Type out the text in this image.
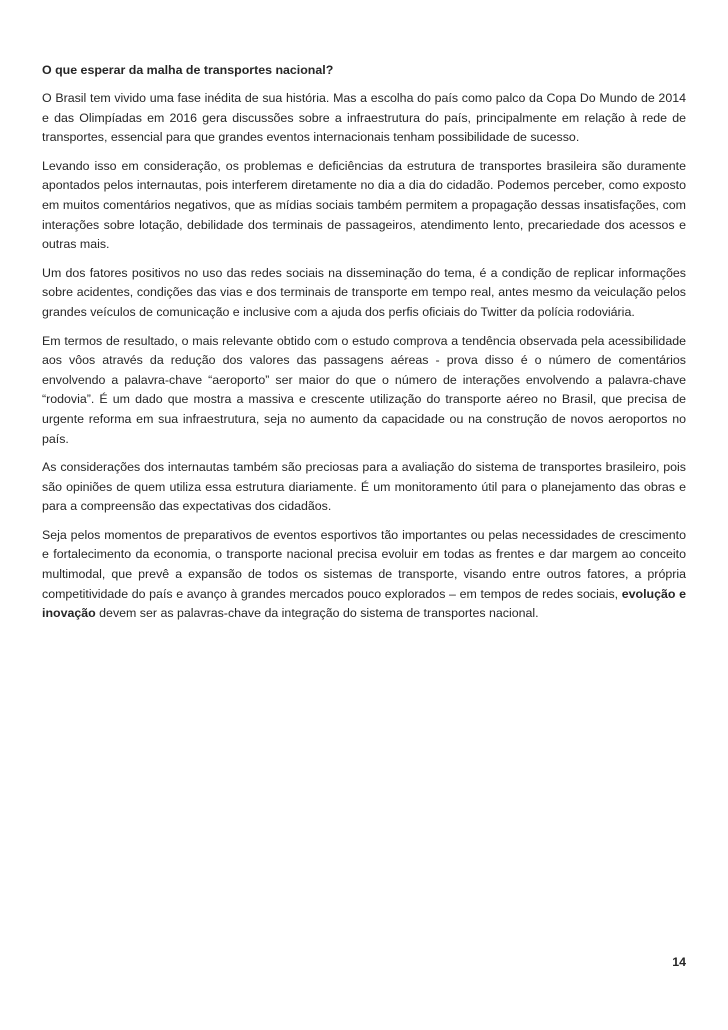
O que esperar da malha de transportes nacional?

O Brasil tem vivido uma fase inédita de sua história. Mas a escolha do país como palco da Copa Do Mundo de 2014 e das Olimpíadas em 2016 gera discussões sobre a infraestrutura do país, principalmente em relação à rede de transportes, essencial para que grandes eventos internacionais tenham possibilidade de sucesso.

Levando isso em consideração, os problemas e deficiências da estrutura de transportes brasileira são duramente apontados pelos internautas, pois interferem diretamente no dia a dia do cidadão. Podemos perceber, como exposto em muitos comentários negativos, que as mídias sociais também permitem a propagação dessas insatisfações, com interações sobre lotação, debilidade dos terminais de passageiros, atendimento lento, precariedade dos acessos e outras mais.

Um dos fatores positivos no uso das redes sociais na disseminação do tema, é a condição de replicar informações sobre acidentes, condições das vias e dos terminais de transporte em tempo real, antes mesmo da veiculação pelos grandes veículos de comunicação e inclusive com a ajuda dos perfis oficiais do Twitter da polícia rodoviária.

Em termos de resultado, o mais relevante obtido com o estudo comprova a tendência observada pela acessibilidade aos vôos através da redução dos valores das passagens aéreas - prova disso é o número de comentários envolvendo a palavra-chave “aeroporto” ser maior do que o número de interações envolvendo a palavra-chave “rodovia”. É um dado que mostra a massiva e crescente utilização do transporte aéreo no Brasil, que precisa de urgente reforma em sua infraestrutura, seja no aumento da capacidade ou na construção de novos aeroportos no país.

As considerações dos internautas também são preciosas para a avaliação do sistema de transportes brasileiro, pois são opiniões de quem utiliza essa estrutura diariamente. É um monitoramento útil para o planejamento das obras e para a compreensão das expectativas dos cidadãos.

Seja pelos momentos de preparativos de eventos esportivos tão importantes ou pelas necessidades de crescimento e fortalecimento da economia, o transporte nacional precisa evoluir em todas as frentes e dar margem ao conceito multimodal, que prevê a expansão de todos os sistemas de transporte, visando entre outros fatores, a própria competitividade do país e avanço à grandes mercados pouco explorados – em tempos de redes sociais, evolução e inovação devem ser as palavras-chave da integração do sistema de transportes nacional.

14
